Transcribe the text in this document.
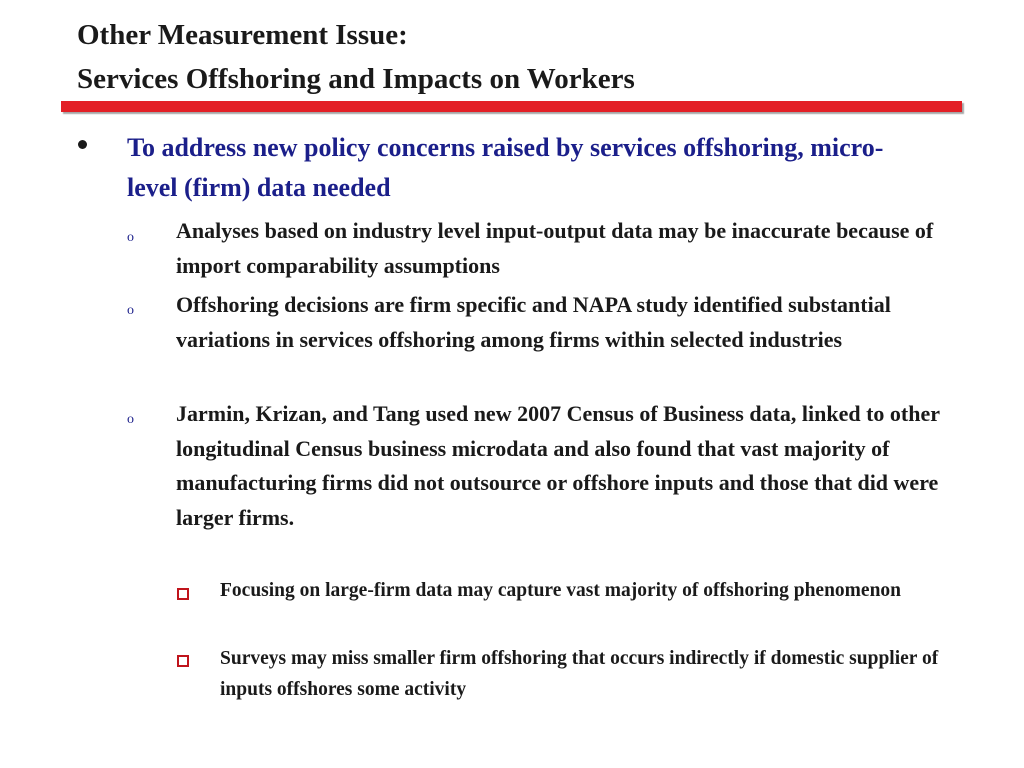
Other Measurement Issue:
Services Offshoring and Impacts on Workers
To address new policy concerns raised by services offshoring, micro-level (firm) data needed
o Analyses based on industry level input-output data may be inaccurate because of import comparability assumptions
o Offshoring decisions are firm specific and NAPA study identified substantial variations in services offshoring among firms within selected industries
o Jarmin, Krizan, and Tang used new 2007 Census of Business data, linked to other longitudinal Census business microdata and also found that vast majority of manufacturing firms did not outsource or offshore inputs and those that did were larger firms.
Focusing on large-firm data may capture vast majority of offshoring phenomenon
Surveys may miss smaller firm offshoring that occurs indirectly if domestic supplier of inputs offshores some activity
